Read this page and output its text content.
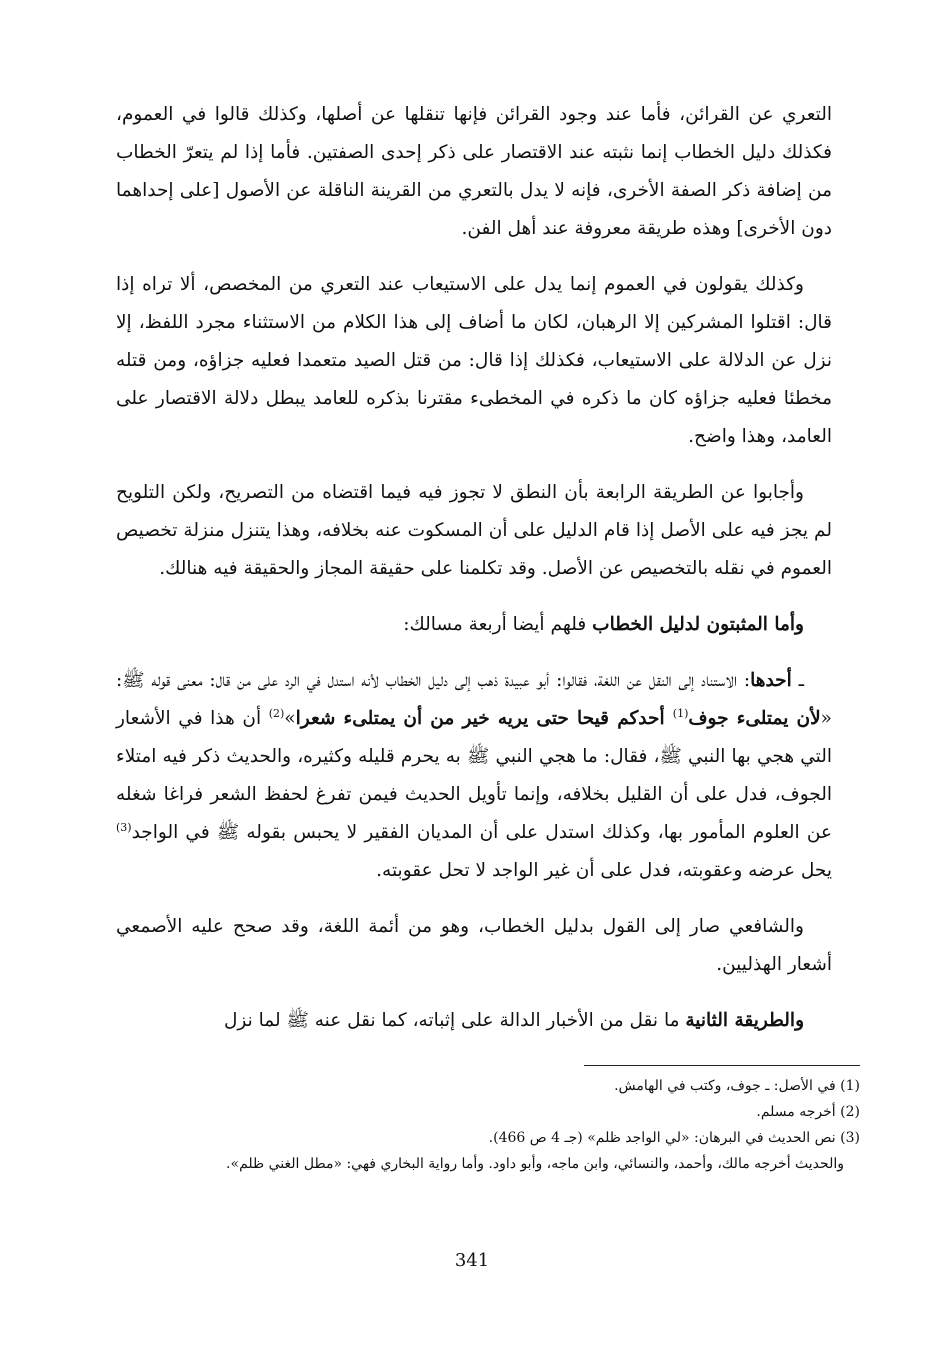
التعري عن القرائن، فأما عند وجود القرائن فإنها تنقلها عن أصلها، وكذلك قالوا في العموم، فكذلك دليل الخطاب إنما نثبته عند الاقتصار على ذكر إحدى الصفتين. فأما إذا لم يتعرّ الخطاب من إضافة ذكر الصفة الأخرى، فإنه لا يدل بالتعري من القرينة الناقلة عن الأصول [على إحداهما دون الأخرى] وهذه طريقة معروفة عند أهل الفن.

وكذلك يقولون في العموم إنما يدل على الاستيعاب عند التعري من المخصص، ألا تراه إذا قال: اقتلوا المشركين إلا الرهبان، لكان ما أضاف إلى هذا الكلام من الاستثناء مجرد اللفظ، إلا نزل عن الدلالة على الاستيعاب، فكذلك إذا قال: من قتل الصيد متعمدا فعليه جزاؤه، ومن قتله مخطئا فعليه جزاؤه كان ما ذكره في المخطىء مقترنا بذكره للعامد يبطل دلالة الاقتصار على العامد، وهذا واضح.

وأجابوا عن الطريقة الرابعة بأن النطق لا تجوز فيه فيما اقتضاه من التصريح، ولكن التلويح لم يجز فيه على الأصل إذا قام الدليل على أن المسكوت عنه بخلافه، وهذا يتنزل منزلة تخصيص العموم في نقله بالتخصيص عن الأصل. وقد تكلمنا على حقيقة المجاز والحقيقة فيه هنالك.

وأما المثبتون لدليل الخطاب فلهم أيضا أربعة مسالك:

ـ أحدها: الاستناد إلى النقل عن اللغة، فقالوا: أبو عبيدة ذهب إلى دليل الخطاب لأنه استدل في الرد على من قال: معنى قوله ﷺ: «لأن يمتلىء جوف$^{(1)}$ أحدكم قيحا حتى يريه خير من أن يمتلىء شعرا»$^{(2)}$ أن هذا في الأشعار التي هجي بها النبي ﷺ، فقال: ما هجي النبي ﷺ به يحرم قليله وكثيره، والحديث ذكر فيه امتلاء الجوف، فدل على أن القليل بخلافه، وإنما تأويل الحديث فيمن تفرغ لحفظ الشعر فراغا شغله عن العلوم المأمور بها، وكذلك استدل على أن المديان الفقير لا يحبس بقوله ﷺ في الواجد$^{(3)}$ يحل عرضه وعقوبته، فدل على أن غير الواجد لا تحل عقوبته.

والشافعي صار إلى القول بدليل الخطاب، وهو من أئمة اللغة، وقد صحح عليه الأصمعي أشعار الهذليين.

والطريقة الثانية ما نقل من الأخبار الدالة على إثباته، كما نقل عنه ﷺ لما نزل

(1) في الأصل: ـ جوف، وكتب في الهامش.

(2) أخرجه مسلم.

(3) نص الحديث في البرهان: «لي الواجد ظلم» (جـ 4 ص 466).

والحديث أخرجه مالك، وأحمد، والنسائي، وابن ماجه، وأبو داود. وأما رواية البخاري فهي: «مطل الغني ظلم».

341
